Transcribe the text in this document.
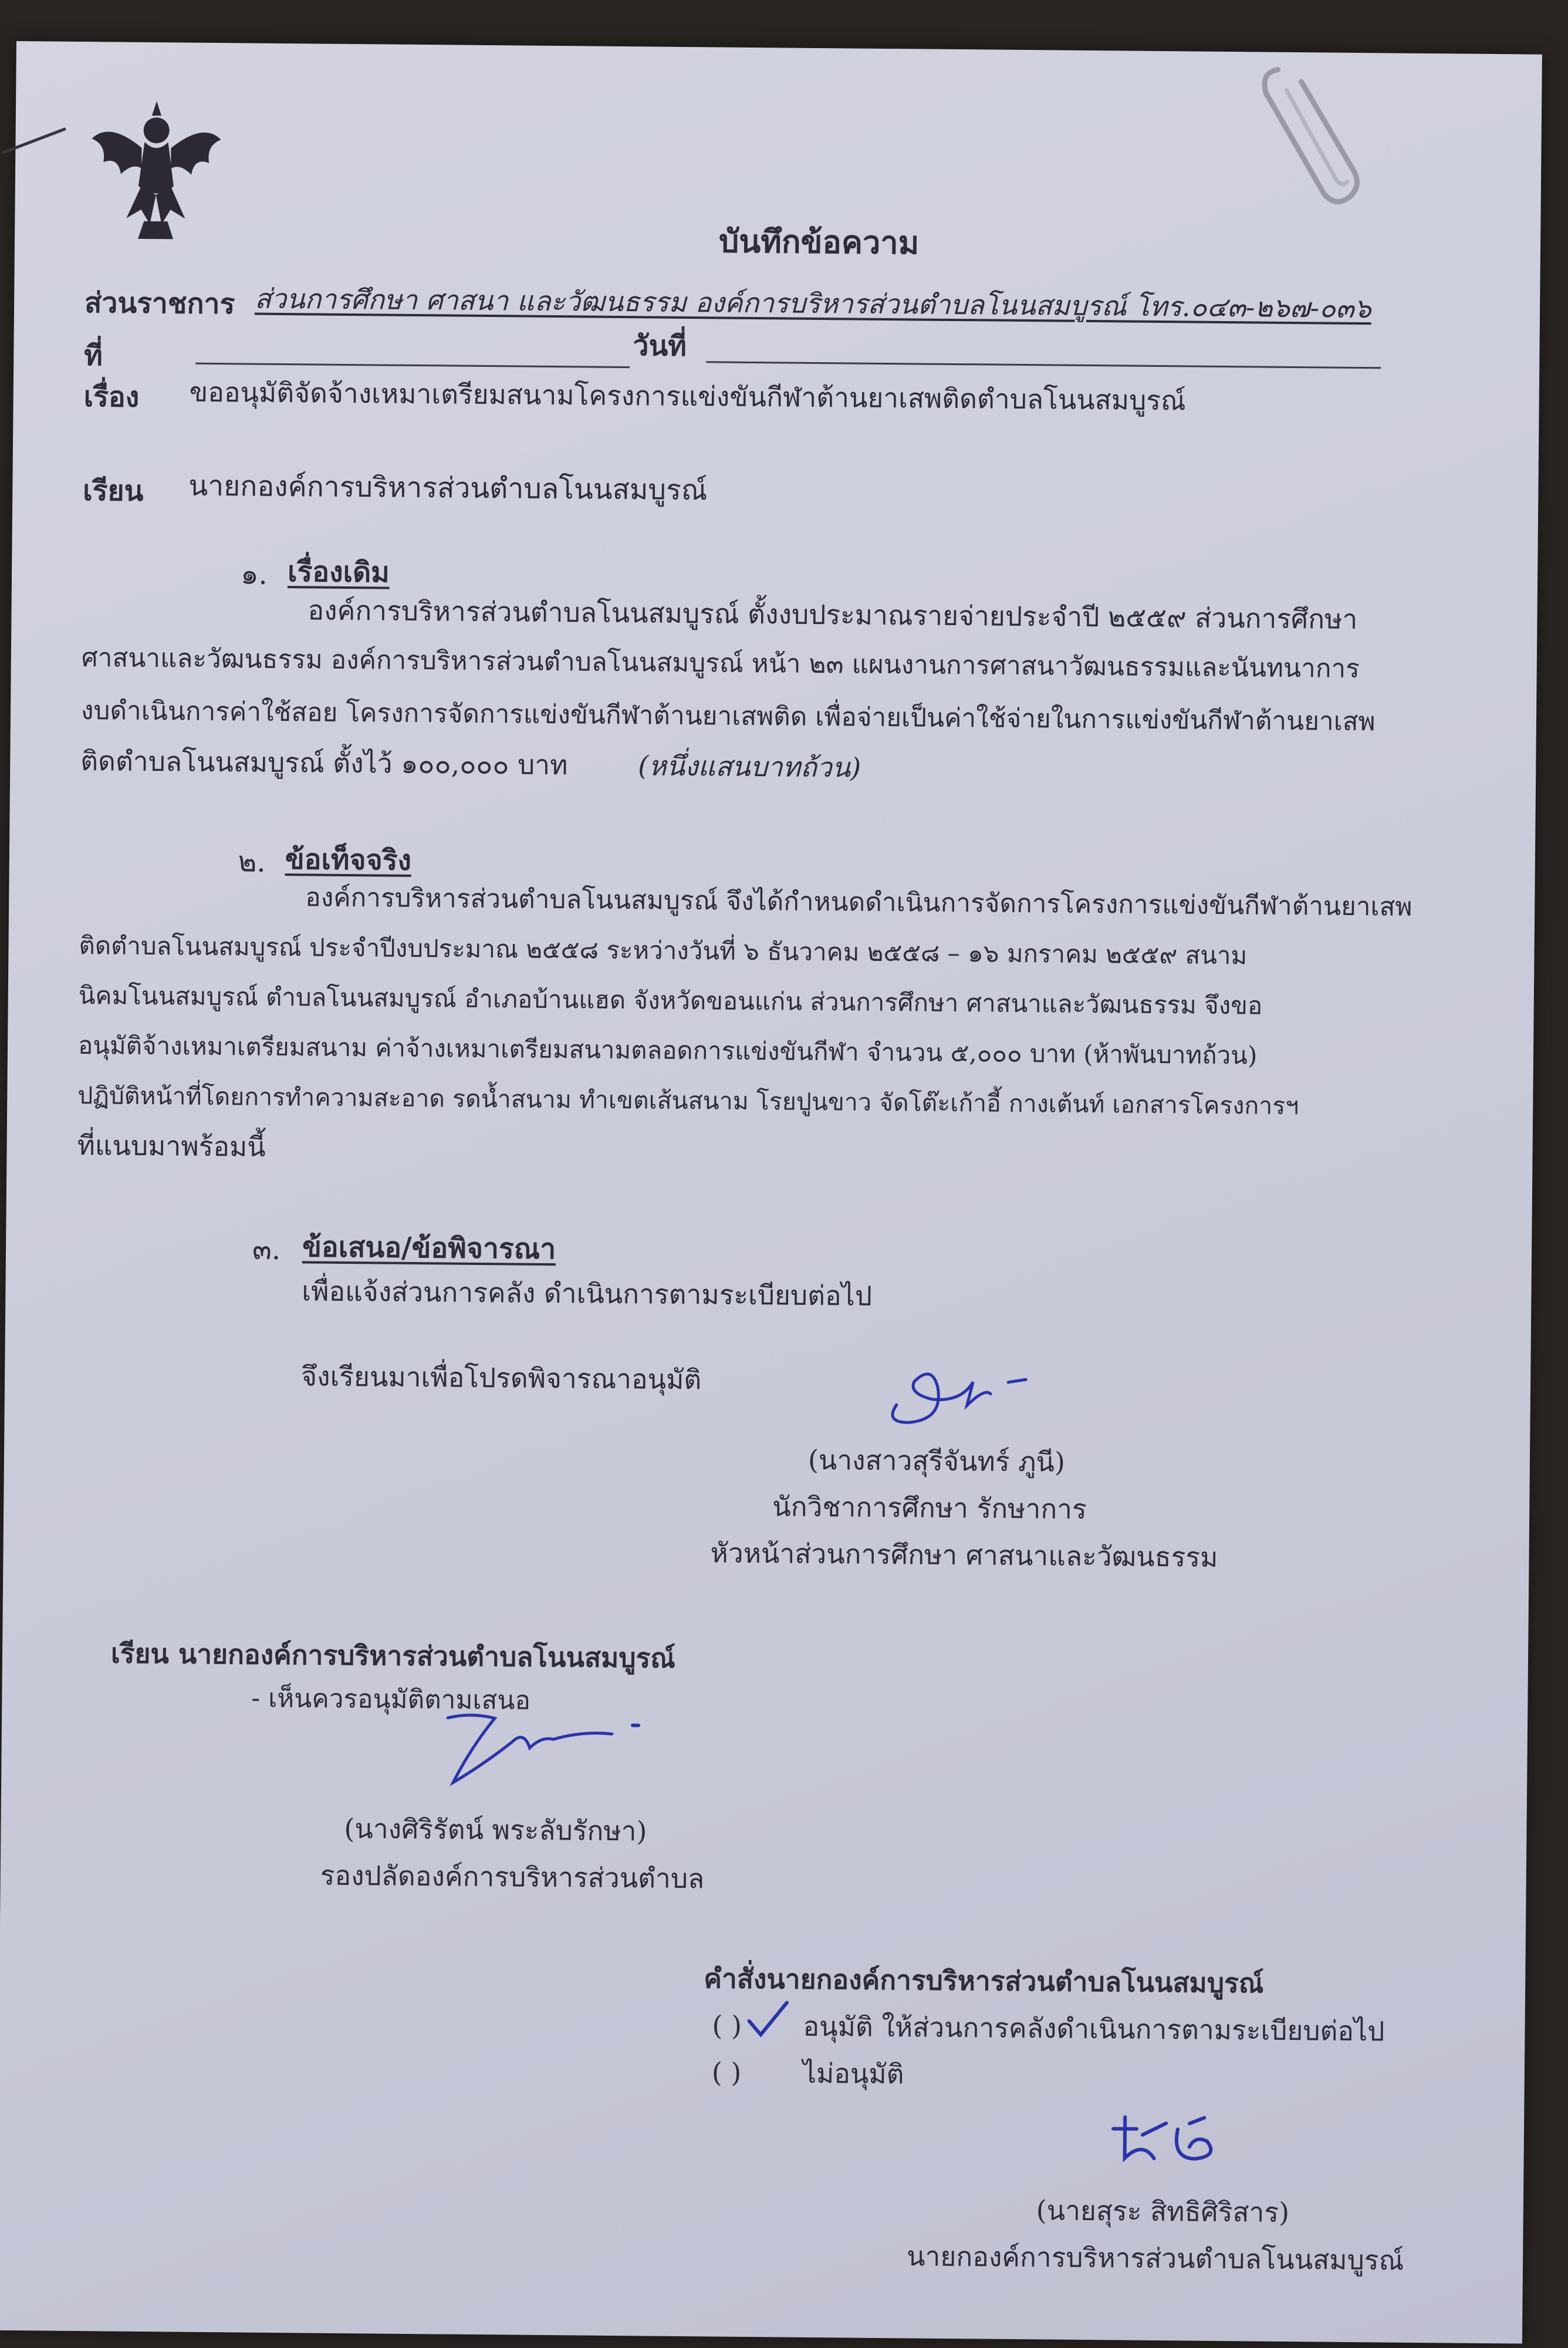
บันทึกข้อความ
ส่วนราชการ ส่วนการศึกษา ศาสนา และวัฒนธรรม องค์การบริหารส่วนตำบลโนนสมบูรณ์ โทร.๐๔๓-๒๖๗-๐๓๖
ที่	วันที่
เรื่อง ขออนุมัติจัดจ้างเหมาเตรียมสนามโครงการแข่งขันกีฬาต้านยาเสพติดตำบลโนนสมบูรณ์
เรียน นายกองค์การบริหารส่วนตำบลโนนสมบูรณ์
๑. เรื่องเดิม
องค์การบริหารส่วนตำบลโนนสมบูรณ์ ตั้งงบประมาณรายจ่ายประจำปี ๒๕๕๙ ส่วนการศึกษา
ศาสนาและวัฒนธรรม องค์การบริหารส่วนตำบลโนนสมบูรณ์ หน้า ๒๓ แผนงานการศาสนาวัฒนธรรมและนันทนาการ
งบดำเนินการค่าใช้สอย โครงการจัดการแข่งขันกีฬาต้านยาเสพติด เพื่อจ่ายเป็นค่าใช้จ่ายในการแข่งขันกีฬาต้านยาเสพ
ติดตำบลโนนสมบูรณ์ ตั้งไว้ ๑๐๐,๐๐๐ บาท	(หนึ่งแสนบาทถ้วน)
๒. ข้อเท็จจริง
องค์การบริหารส่วนตำบลโนนสมบูรณ์ จึงได้กำหนดดำเนินการจัดการโครงการแข่งขันกีฬาต้านยาเสพ
ติดตำบลโนนสมบูรณ์ ประจำปีงบประมาณ ๒๕๕๘ ระหว่างวันที่ ๖ ธันวาคม ๒๕๕๘ – ๑๖ มกราคม ๒๕๕๙ สนาม
นิคมโนนสมบูรณ์ ตำบลโนนสมบูรณ์ อำเภอบ้านแฮด จังหวัดขอนแก่น ส่วนการศึกษา ศาสนาและวัฒนธรรม จึงขอ
อนุมัติจ้างเหมาเตรียมสนาม ค่าจ้างเหมาเตรียมสนามตลอดการแข่งขันกีฬา จำนวน ๕,๐๐๐ บาท (ห้าพันบาทถ้วน)
ปฏิบัติหน้าที่โดยการทำความสะอาด รดน้ำสนาม ทำเขตเส้นสนาม โรยปูนขาว จัดโต๊ะเก้าอี้ กางเต้นท์ เอกสารโครงการฯ
ที่แนบมาพร้อมนี้
๓. ข้อเสนอ/ข้อพิจารณา
เพื่อแจ้งส่วนการคลัง ดำเนินการตามระเบียบต่อไป
จึงเรียนมาเพื่อโปรดพิจารณาอนุมัติ
(นางสาวสุรีจันทร์ ภูนี)
นักวิชาการศึกษา รักษาการ
หัวหน้าส่วนการศึกษา ศาสนาและวัฒนธรรม
เรียน นายกองค์การบริหารส่วนตำบลโนนสมบูรณ์
- เห็นควรอนุมัติตามเสนอ
(นางศิริรัตน์ พระลับรักษา)
รองปลัดองค์การบริหารส่วนตำบล
คำสั่งนายกองค์การบริหารส่วนตำบลโนนสมบูรณ์
( ) อนุมัติ ให้ส่วนการคลังดำเนินการตามระเบียบต่อไป
( ) ไม่อนุมัติ
(นายสุระ สิทธิศิริสาร)
นายกองค์การบริหารส่วนตำบลโนนสมบูรณ์
